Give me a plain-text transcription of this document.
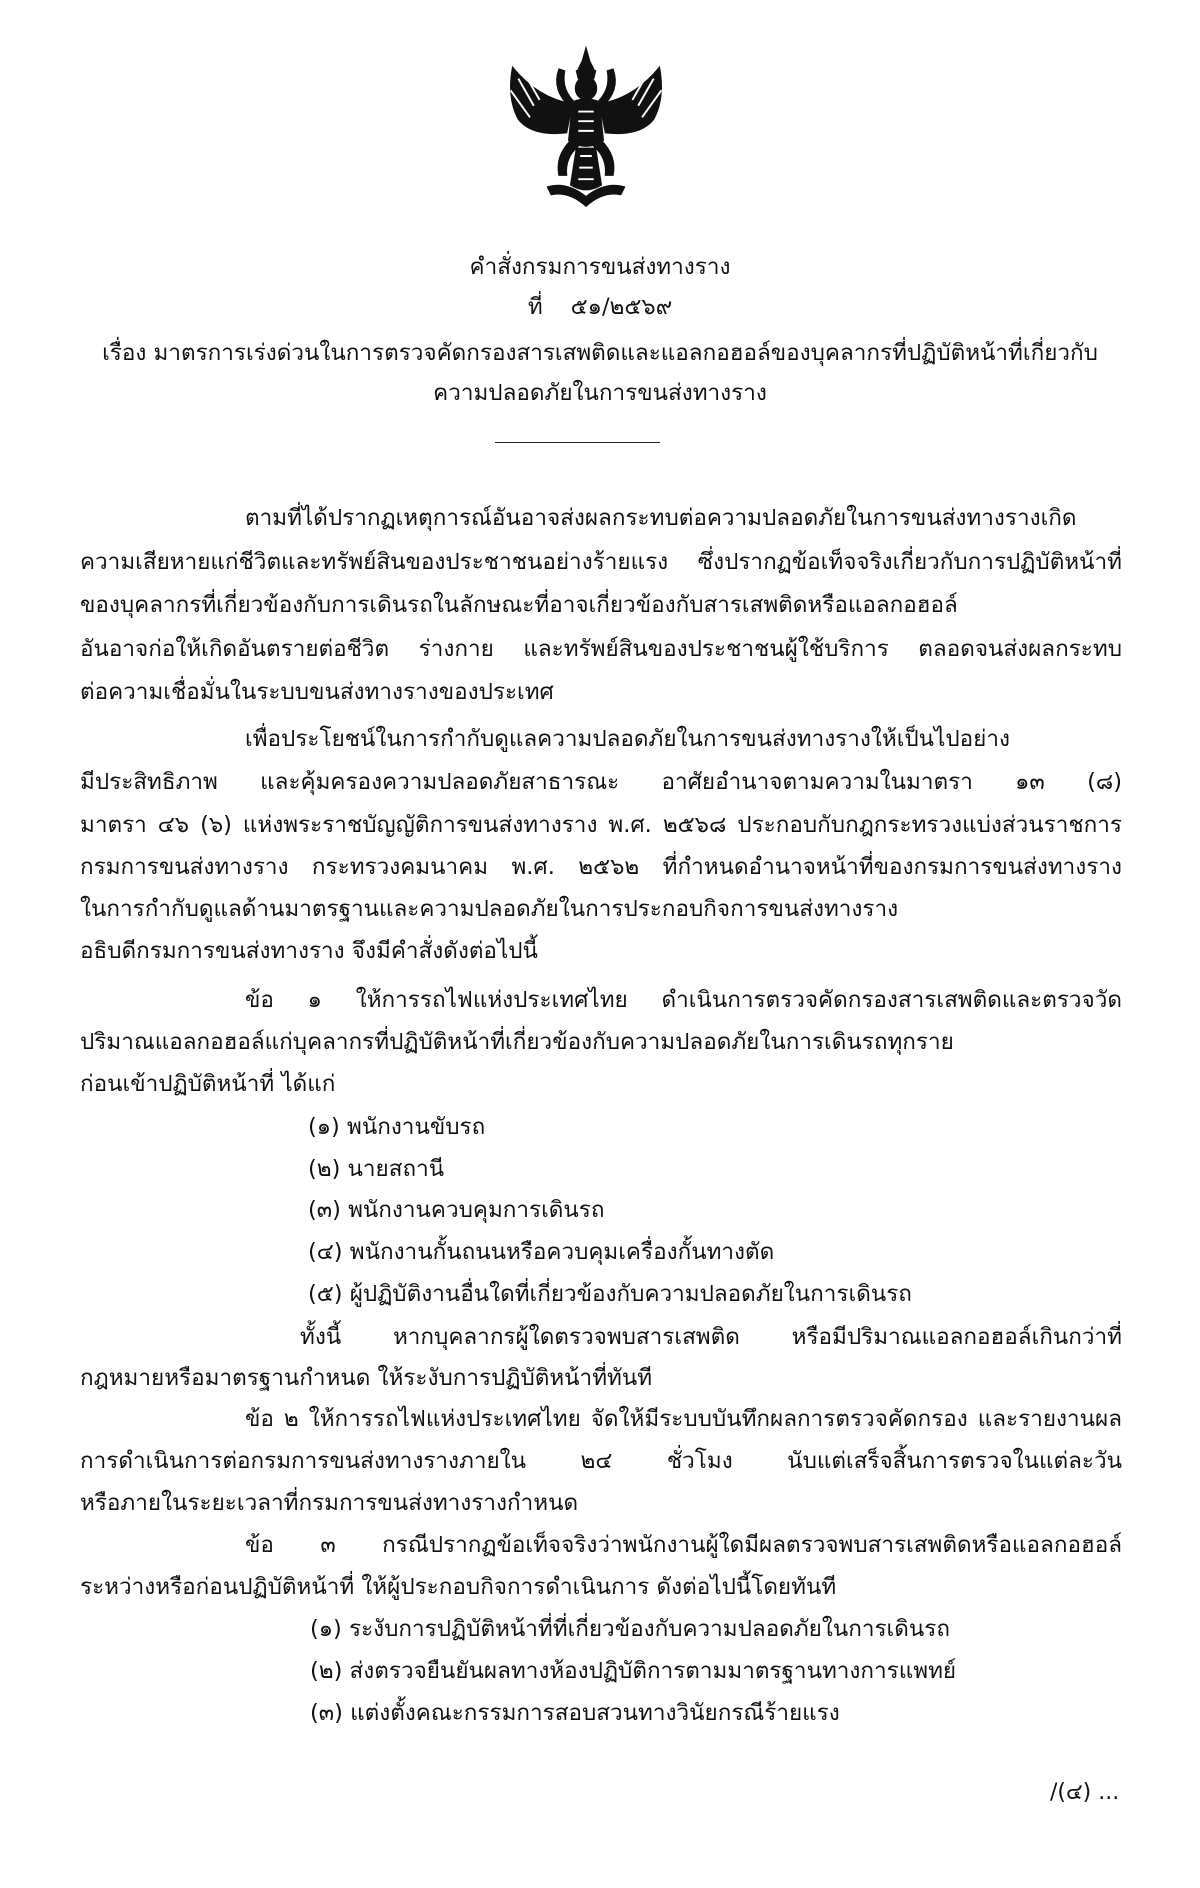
คำสั่งกรมการขนส่งทางราง
ที่ ๕๑/๒๕๖๙
เรื่อง มาตรการเร่งด่วนในการตรวจคัดกรองสารเสพติดและแอลกอฮอล์ของบุคลากรที่ปฏิบัติหน้าที่เกี่ยวกับ
ความปลอดภัยในการขนส่งทางราง
ตามที่ได้ปรากฏเหตุการณ์อันอาจส่งผลกระทบต่อความปลอดภัยในการขนส่งทางรางเกิด
ความเสียหายแก่ชีวิตและทรัพย์สินของประชาชนอย่างร้ายแรง ซึ่งปรากฏข้อเท็จจริงเกี่ยวกับการปฏิบัติหน้าที่
ของบุคลากรที่เกี่ยวข้องกับการเดินรถในลักษณะที่อาจเกี่ยวข้องกับสารเสพติดหรือแอลกอฮอล์
อันอาจก่อให้เกิดอันตรายต่อชีวิต ร่างกาย และทรัพย์สินของประชาชนผู้ใช้บริการ ตลอดจนส่งผลกระทบ
ต่อความเชื่อมั่นในระบบขนส่งทางรางของประเทศ
เพื่อประโยชน์ในการกำกับดูแลความปลอดภัยในการขนส่งทางรางให้เป็นไปอย่าง
มีประสิทธิภาพ และคุ้มครองความปลอดภัยสาธารณะ อาศัยอำนาจตามความในมาตรา ๑๓ (๘)
มาตรา ๔๖ (๖) แห่งพระราชบัญญัติการขนส่งทางราง พ.ศ. ๒๕๖๘ ประกอบกับกฎกระทรวงแบ่งส่วนราชการ
กรมการขนส่งทางราง กระทรวงคมนาคม พ.ศ. ๒๕๖๒ ที่กำหนดอำนาจหน้าที่ของกรมการขนส่งทางราง
ในการกำกับดูแลด้านมาตรฐานและความปลอดภัยในการประกอบกิจการขนส่งทางราง
อธิบดีกรมการขนส่งทางราง จึงมีคำสั่งดังต่อไปนี้
ข้อ ๑ ให้การรถไฟแห่งประเทศไทย ดำเนินการตรวจคัดกรองสารเสพติดและตรวจวัด
ปริมาณแอลกอฮอล์แก่บุคลากรที่ปฏิบัติหน้าที่เกี่ยวข้องกับความปลอดภัยในการเดินรถทุกราย
ก่อนเข้าปฏิบัติหน้าที่ ได้แก่
(๑) พนักงานขับรถ
(๒) นายสถานี
(๓) พนักงานควบคุมการเดินรถ
(๔) พนักงานกั้นถนนหรือควบคุมเครื่องกั้นทางตัด
(๕) ผู้ปฏิบัติงานอื่นใดที่เกี่ยวข้องกับความปลอดภัยในการเดินรถ
ทั้งนี้ หากบุคลากรผู้ใดตรวจพบสารเสพติด หรือมีปริมาณแอลกอฮอล์เกินกว่าที่
กฎหมายหรือมาตรฐานกำหนด ให้ระงับการปฏิบัติหน้าที่ทันที
ข้อ ๒ ให้การรถไฟแห่งประเทศไทย จัดให้มีระบบบันทึกผลการตรวจคัดกรอง และรายงานผล
การดำเนินการต่อกรมการขนส่งทางรางภายใน ๒๔ ชั่วโมง นับแต่เสร็จสิ้นการตรวจในแต่ละวัน
หรือภายในระยะเวลาที่กรมการขนส่งทางรางกำหนด
ข้อ ๓ กรณีปรากฏข้อเท็จจริงว่าพนักงานผู้ใดมีผลตรวจพบสารเสพติดหรือแอลกอฮอล์
ระหว่างหรือก่อนปฏิบัติหน้าที่ ให้ผู้ประกอบกิจการดำเนินการ ดังต่อไปนี้โดยทันที
(๑) ระงับการปฏิบัติหน้าที่ที่เกี่ยวข้องกับความปลอดภัยในการเดินรถ
(๒) ส่งตรวจยืนยันผลทางห้องปฏิบัติการตามมาตรฐานทางการแพทย์
(๓) แต่งตั้งคณะกรรมการสอบสวนทางวินัยกรณีร้ายแรง
/(๔) ...
